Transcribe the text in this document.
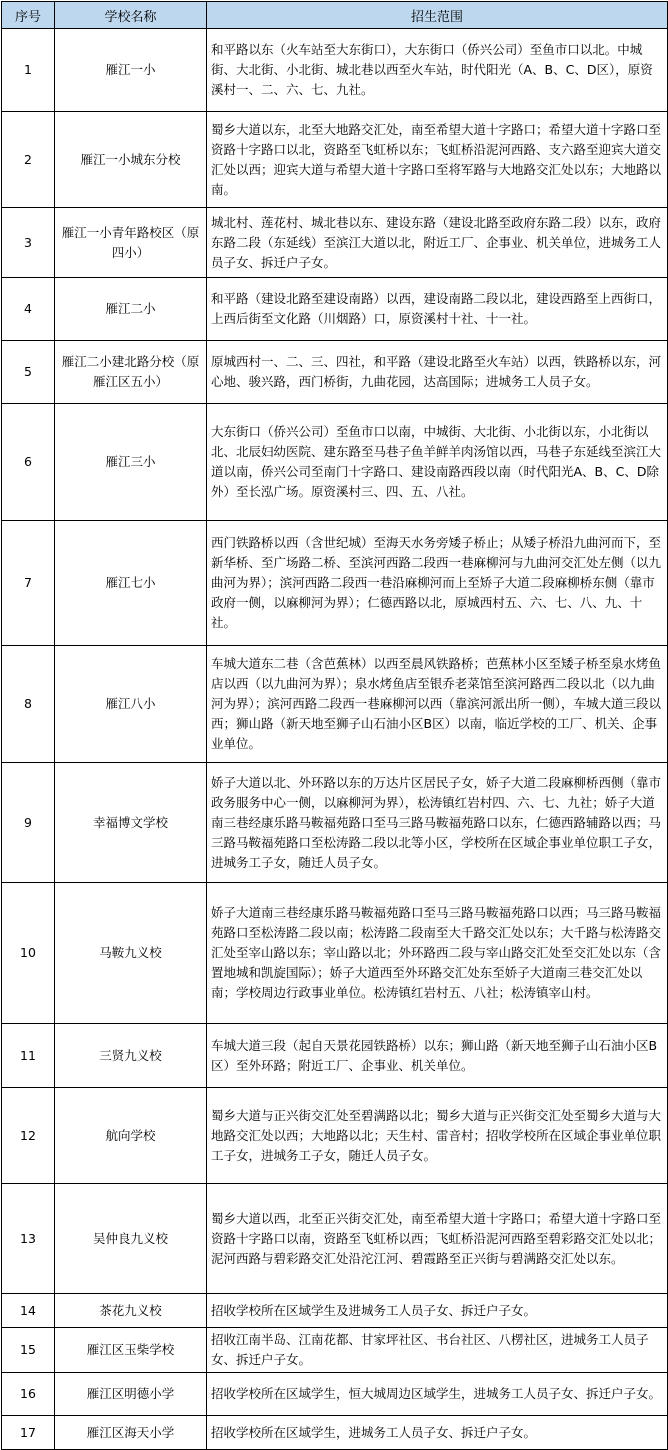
序号	学校名称	招生范围
1	雁江一小	和平路以东（火车站至大东街口），大东街口（侨兴公司）至鱼市口以北。中城街、大北街、小北街、城北巷以西至火车站，时代阳光（A、B、C、D区），原资溪村一、二、六、七、九社。
2	雁江一小城东分校	蜀乡大道以东，北至大地路交汇处，南至希望大道十字路口；希望大道十字路口至资路十字路口以北，资路至飞虹桥以东；飞虹桥沿泥河西路、支六路至迎宾大道交汇处以西；迎宾大道与希望大道十字路口至将军路与大地路交汇处以东；大地路以南。
3	雁江一小青年路校区（原四小）	城北村、莲花村、城北巷以东、建设东路（建设北路至政府东路二段）以东，政府东路二段（东延线）至滨江大道以北，附近工厂、企事业、机关单位，进城务工人员子女、拆迁户子女。
4	雁江二小	和平路（建设北路至建设南路）以西，建设南路二段以北，建设西路至上西街口，上西后街至文化路（川烟路）口，原资溪村十社、十一社。
5	雁江二小建北路分校（原雁江区五小）	原城西村一、二、三、四社，和平路（建设北路至火车站）以西，铁路桥以东，河心地、骏兴路，西门桥街，九曲花园，达高国际；进城务工人员子女。
6	雁江三小	大东街口（侨兴公司）至鱼市口以南，中城街、大北街、小北街以东，小北街以北、北辰妇幼医院、建东路至马巷子鱼羊鲜羊肉汤馆以西，马巷子东延线至滨江大道以南，侨兴公司至南门十字路口、建设南路西段以南（时代阳光A、B、C、D除外）至长泓广场。原资溪村三、四、五、八社。
7	雁江七小	西门铁路桥以西（含世纪城）至海天水务旁矮子桥止；从矮子桥沿九曲河而下，至新华桥、至广场路二桥、至滨河西路二段西一巷麻柳河与九曲河交汇处左侧（以九曲河为界）；滨河西路二段西一巷沿麻柳河而上至矫子大道二段麻柳桥东侧（靠市政府一侧，以麻柳河为界）；仁德西路以北，原城西村五、六、七、八、九、十社。
8	雁江八小	车城大道东二巷（含芭蕉林）以西至晨风铁路桥；芭蕉林小区至矮子桥至泉水烤鱼店以西（以九曲河为界）；泉水烤鱼店至银乔老菜馆至滨河路西二段以北（以九曲河为界）；滨河西路二段西一巷麻柳河以西（靠滨河派出所一侧），车城大道三段以西；狮山路（新天地至狮子山石油小区B区）以南，临近学校的工厂、机关、企事业单位。
9	幸福博文学校	娇子大道以北、外环路以东的万达片区居民子女，娇子大道二段麻柳桥西侧（靠市政务服务中心一侧，以麻柳河为界），松涛镇红岩村四、六、七、九社；娇子大道南三巷经康乐路马鞍福苑路口至马三路马鞍福苑路口以东，仁德西路辅路以西；马三路马鞍福苑路口至松涛路二段以北等小区，学校所在区域企事业单位职工子女，进城务工子女，随迁人员子女。
10	马鞍九义校	娇子大道南三巷经康乐路马鞍福苑路口至马三路马鞍福苑路口以西；马三路马鞍福苑路口至松涛路二段以南；松涛路二段南至大千路交汇处以东；大千路与松涛路交汇处至宰山路以东；宰山路以北；外环路西二段与宰山路交汇处至交汇处以东（含置地城和凯旋国际）；娇子大道西至外环路交汇处东至娇子大道南三巷交汇处以南；学校周边行政事业单位。松涛镇红岩村五、八社；松涛镇宰山村。
11	三贤九义校	车城大道三段（起自天景花园铁路桥）以东；狮山路（新天地至狮子山石油小区B区）至外环路；附近工厂、企事业、机关单位。
12	航向学校	蜀乡大道与正兴街交汇处至碧满路以北；蜀乡大道与正兴街交汇处至蜀乡大道与大地路交汇处以西；大地路以北；天生村、雷音村；招收学校所在区域企事业单位职工子女，进城务工子女，随迁人员子女。
13	吴仲良九义校	蜀乡大道以西，北至正兴街交汇处，南至希望大道十字路口；希望大道十字路口至资路十字路口以南，资路至飞虹桥以西；飞虹桥沿泥河西路至碧彩路交汇处以北；泥河西路与碧彩路交汇处沿沱江河、碧霞路至正兴街与碧满路交汇处以东。
14	茶花九义校	招收学校所在区域学生及进城务工人员子女、拆迁户子女。
15	雁江区玉柴学校	招收江南半岛、江南花都、甘家坪社区、书台社区、八楞社区，进城务工人员子女、拆迁户子女。
16	雁江区明德小学	招收学校所在区域学生，恒大城周边区域学生，进城务工人员子女、拆迁户子女。
17	雁江区海天小学	招收学校所在区域学生，进城务工人员子女、拆迁户子女。
